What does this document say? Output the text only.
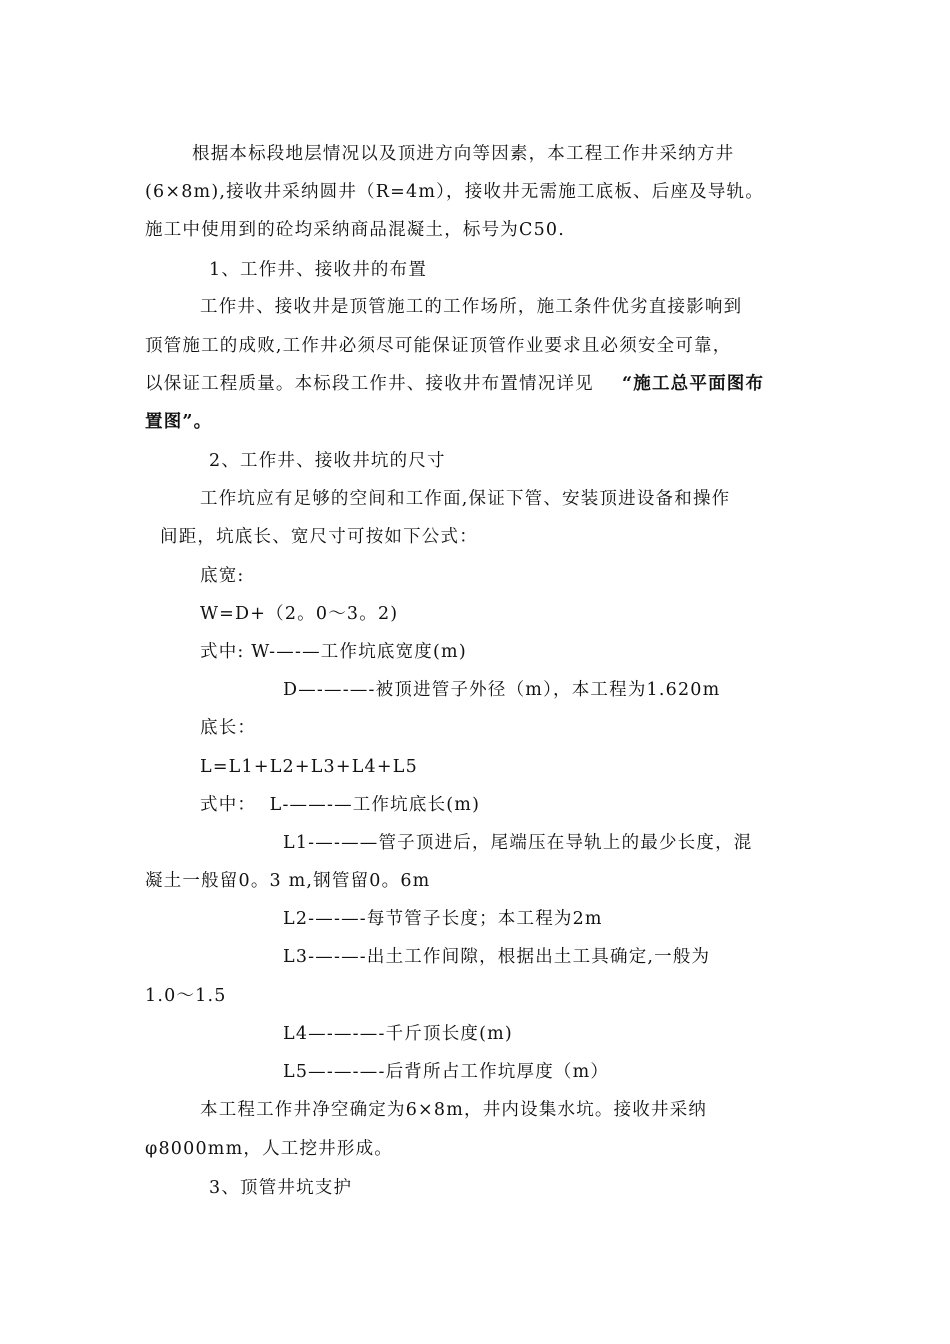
根据本标段地层情况以及顶进方向等因素，本工程工作井采纳方井
(6×8m),接收井采纳圆井（R=4m），接收井无需施工底板、后座及导轨。
施工中使用到的砼均采纳商品混凝土，标号为C50.
1、工作井、接收井的布置
工作井、接收井是顶管施工的工作场所，施工条件优劣直接影响到
顶管施工的成败,工作井必须尽可能保证顶管作业要求且必须安全可靠，
以保证工程质量。本标段工作井、接收井布置情况详见 “施工总平面图布
置图”。
2、工作井、接收井坑的尺寸
工作坑应有足够的空间和工作面,保证下管、安装顶进设备和操作
间距，坑底长、宽尺寸可按如下公式：
底宽:
W=D+（2。0～3。2)
式中: W-—-—工作坑底宽度(m)
D—-—-—-被顶进管子外径（m），本工程为1.620m
底长：
L=L1+L2+L3+L4+L5
式中：  L-——-—工作坑底长(m)
L1-—-——管子顶进后，尾端压在导轨上的最少长度，混
凝土一般留0。3 m,钢管留0。6m
L2-—-—-每节管子长度；本工程为2m
L3-—-—-出土工作间隙，根据出土工具确定,一般为
1.0～1.5
L4—-—-—-千斤顶长度(m)
L5—-—-—-后背所占工作坑厚度（m）
本工程工作井净空确定为6×8m，井内设集水坑。接收井采纳
φ8000mm，人工挖井形成。
3、顶管井坑支护
